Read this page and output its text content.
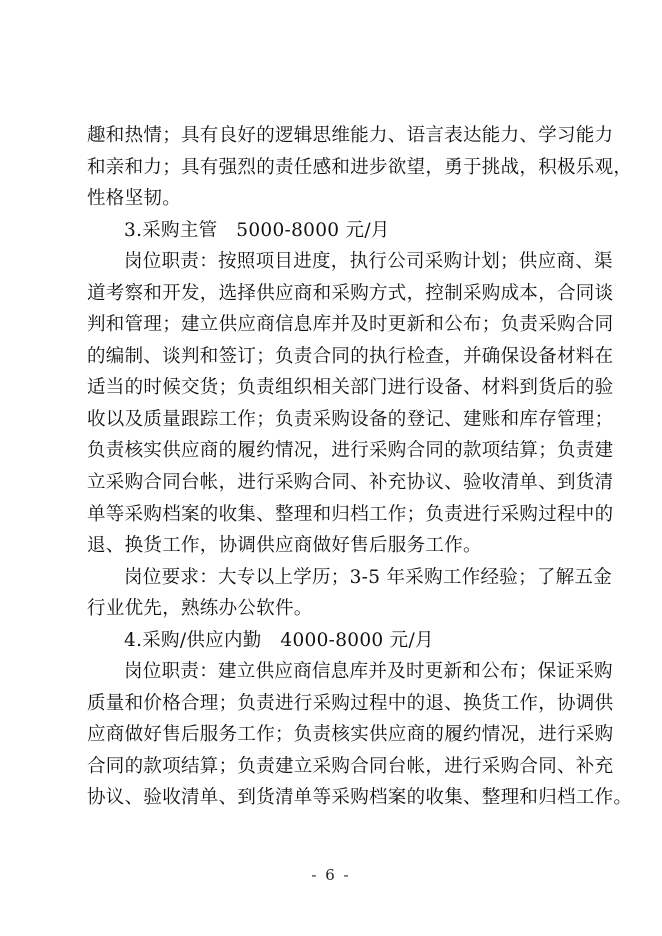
趣和热情；具有良好的逻辑思维能力、语言表达能力、学习能力
和亲和力；具有强烈的责任感和进步欲望，勇于挑战，积极乐观，
性格坚韧。

3.采购主管　5000-8000 元/月

岗位职责：按照项目进度，执行公司采购计划；供应商、渠
道考察和开发，选择供应商和采购方式，控制采购成本，合同谈
判和管理；建立供应商信息库并及时更新和公布；负责采购合同
的编制、谈判和签订；负责合同的执行检查，并确保设备材料在
适当的时候交货；负责组织相关部门进行设备、材料到货后的验
收以及质量跟踪工作；负责采购设备的登记、建账和库存管理；
负责核实供应商的履约情况，进行采购合同的款项结算；负责建
立采购合同台帐，进行采购合同、补充协议、验收清单、到货清
单等采购档案的收集、整理和归档工作；负责进行采购过程中的
退、换货工作，协调供应商做好售后服务工作。

岗位要求：大专以上学历；3-5 年采购工作经验；了解五金
行业优先，熟练办公软件。

4.采购/供应内勤　4000-8000 元/月

岗位职责：建立供应商信息库并及时更新和公布；保证采购
质量和价格合理；负责进行采购过程中的退、换货工作，协调供
应商做好售后服务工作；负责核实供应商的履约情况，进行采购
合同的款项结算；负责建立采购合同台帐，进行采购合同、补充
协议、验收清单、到货清单等采购档案的收集、整理和归档工作。

- 6 -
